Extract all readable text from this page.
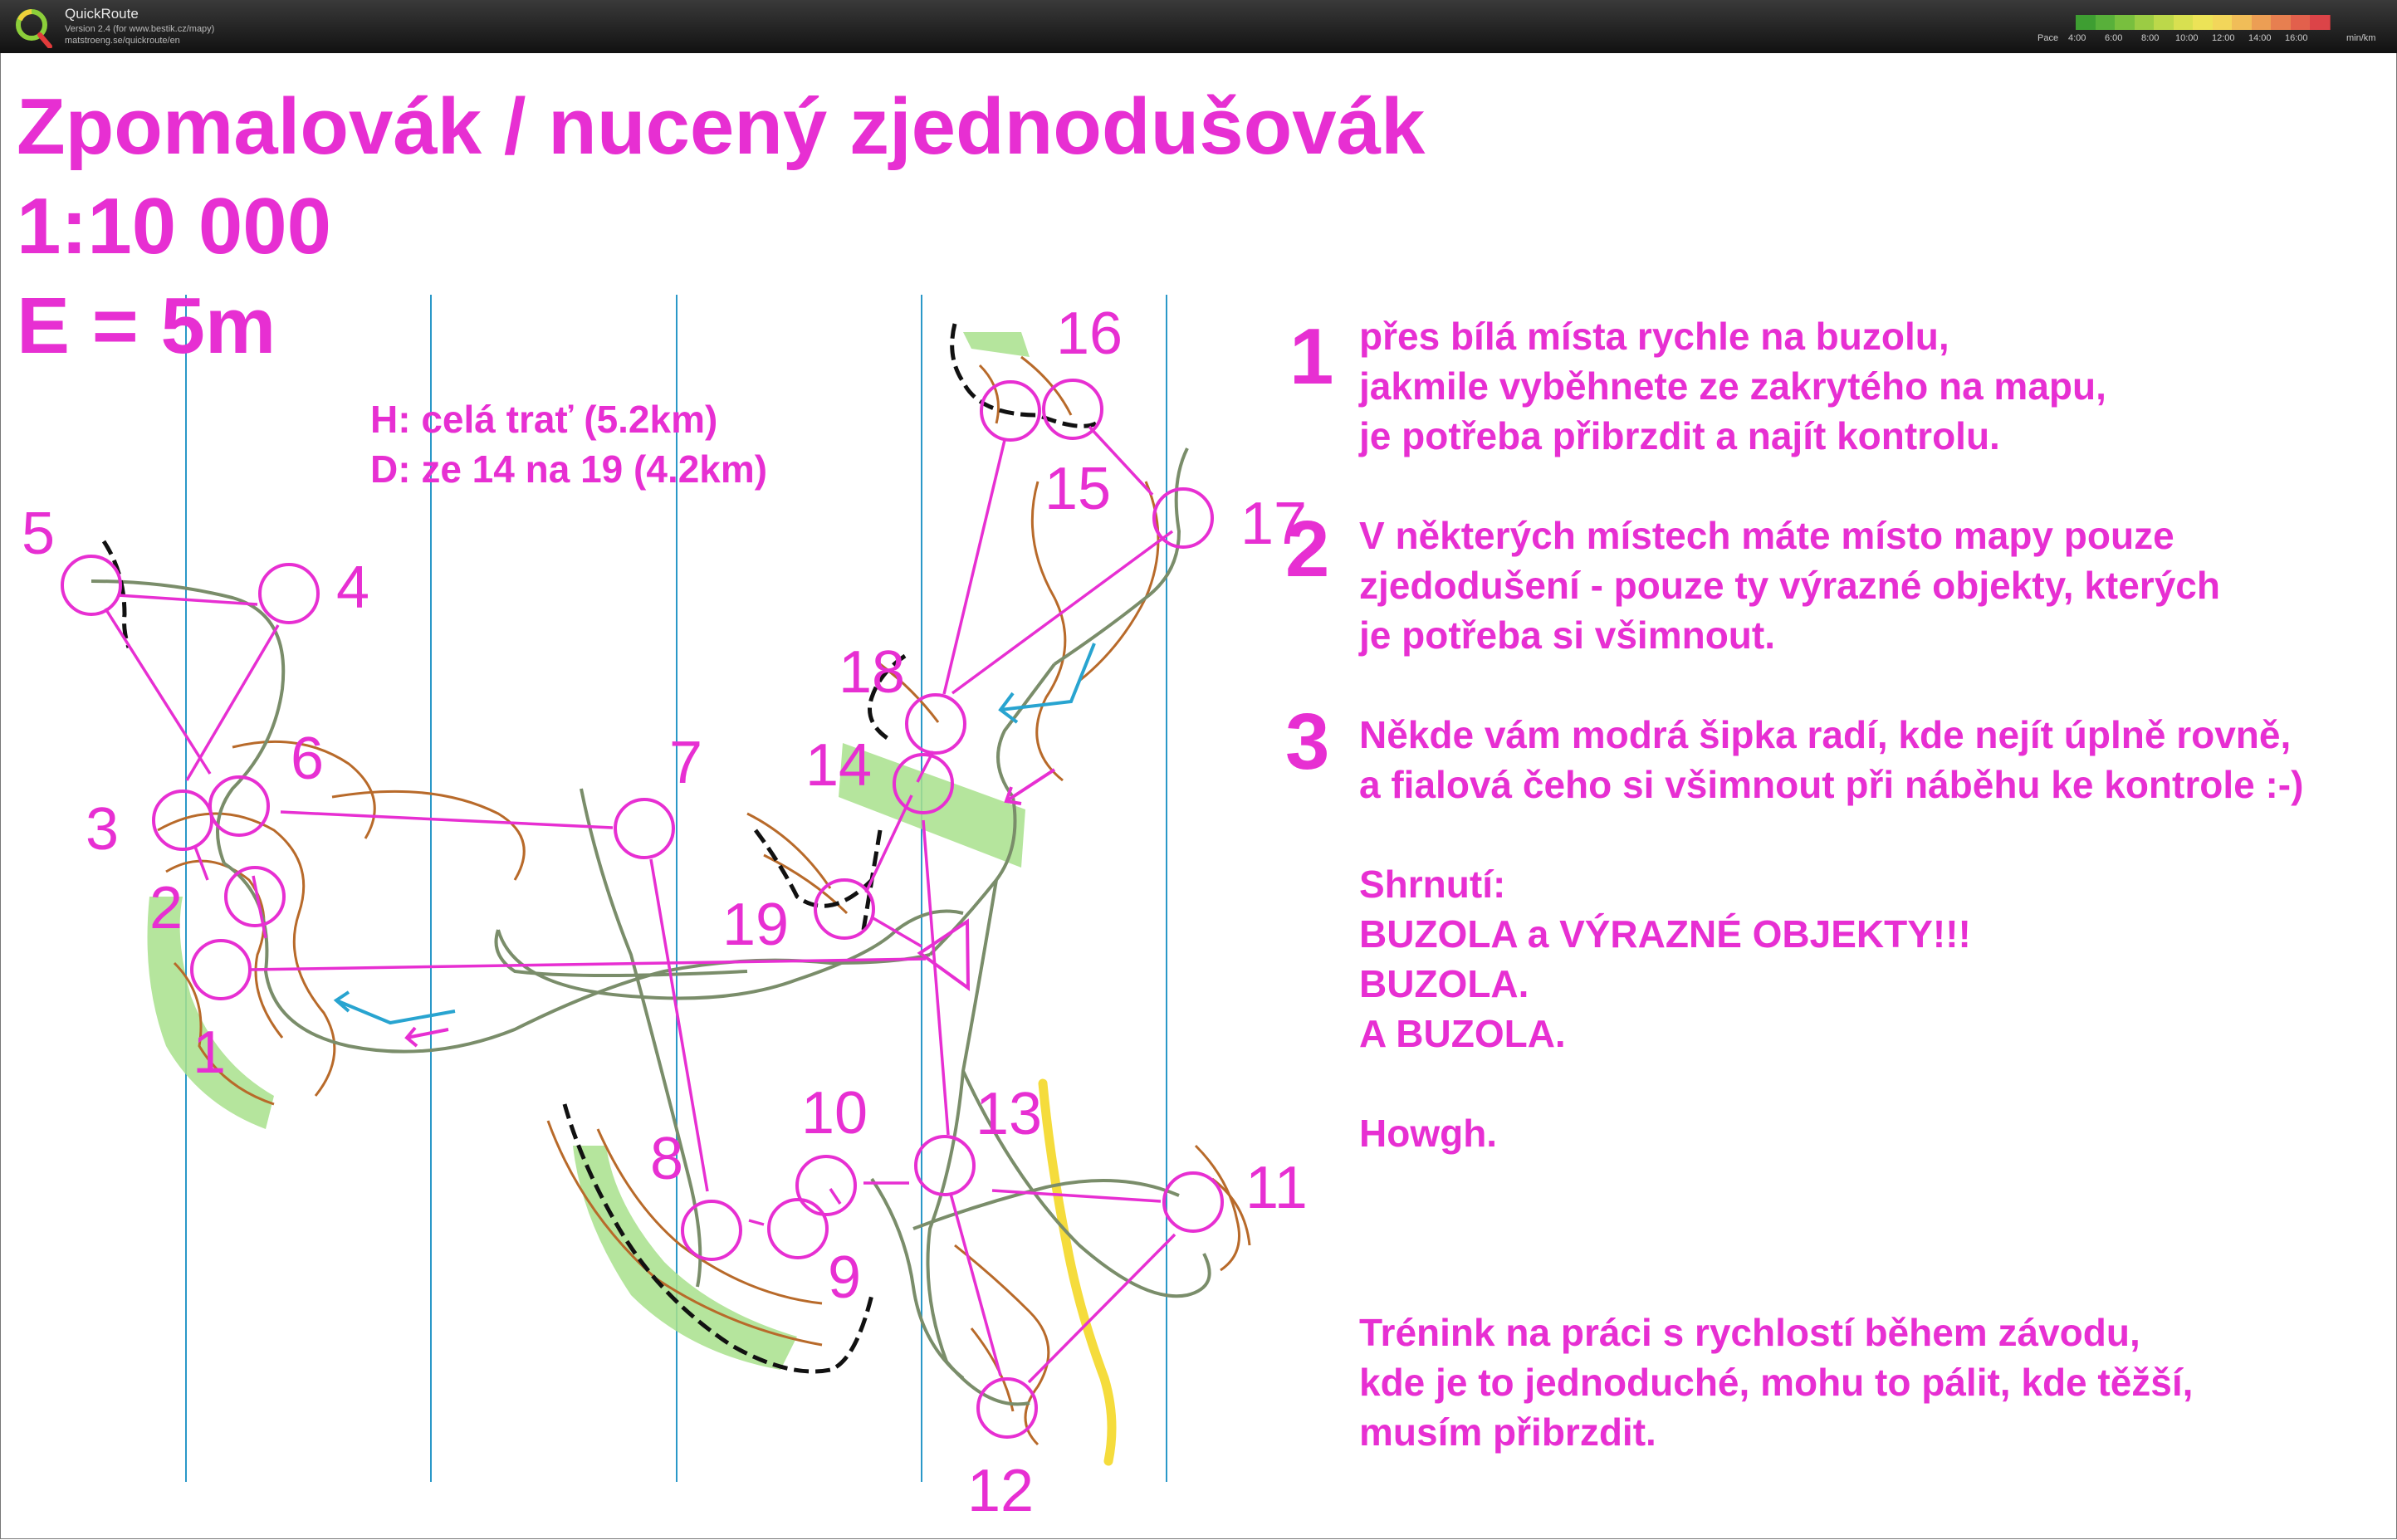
QuickRoute
Version 2.4 (for www.bestik.cz/mapy)
matstroeng.se/quickroute/en	Pace 4:00 6:00 8:00 10:00 12:00 14:00 16:00	min/km
Zpomalovák / nucený zjednodušovák
1:10 000
E = 5m
H: celá trať (5.2km)
D: ze 14 na 19 (4.2km)
1
2
3
4
5
6	7
8
9
10
11
12
13
14
15
16
17
18
19
1 přes bílá místa rychle na buzolu,
jakmile vyběhnete ze zakrytého na mapu,
je potřeba přibrzdit a najít kontrolu.
2 V některých místech máte místo mapy pouze
zjedodušení - pouze ty výrazné objekty, kterých
je potřeba si všimnout.
3 Někde vám modrá šipka radí, kde nejít úplně rovně,
a fialová čeho si všimnout při náběhu ke kontrole :-)
Shrnutí:
BUZOLA a VÝRAZNÉ OBJEKTY!!!
BUZOLA.
A BUZOLA.
Howgh.
Trénink na práci s rychlostí během závodu,
kde je to jednoduché, mohu to pálit, kde těžší,
musím přibrzdit.
